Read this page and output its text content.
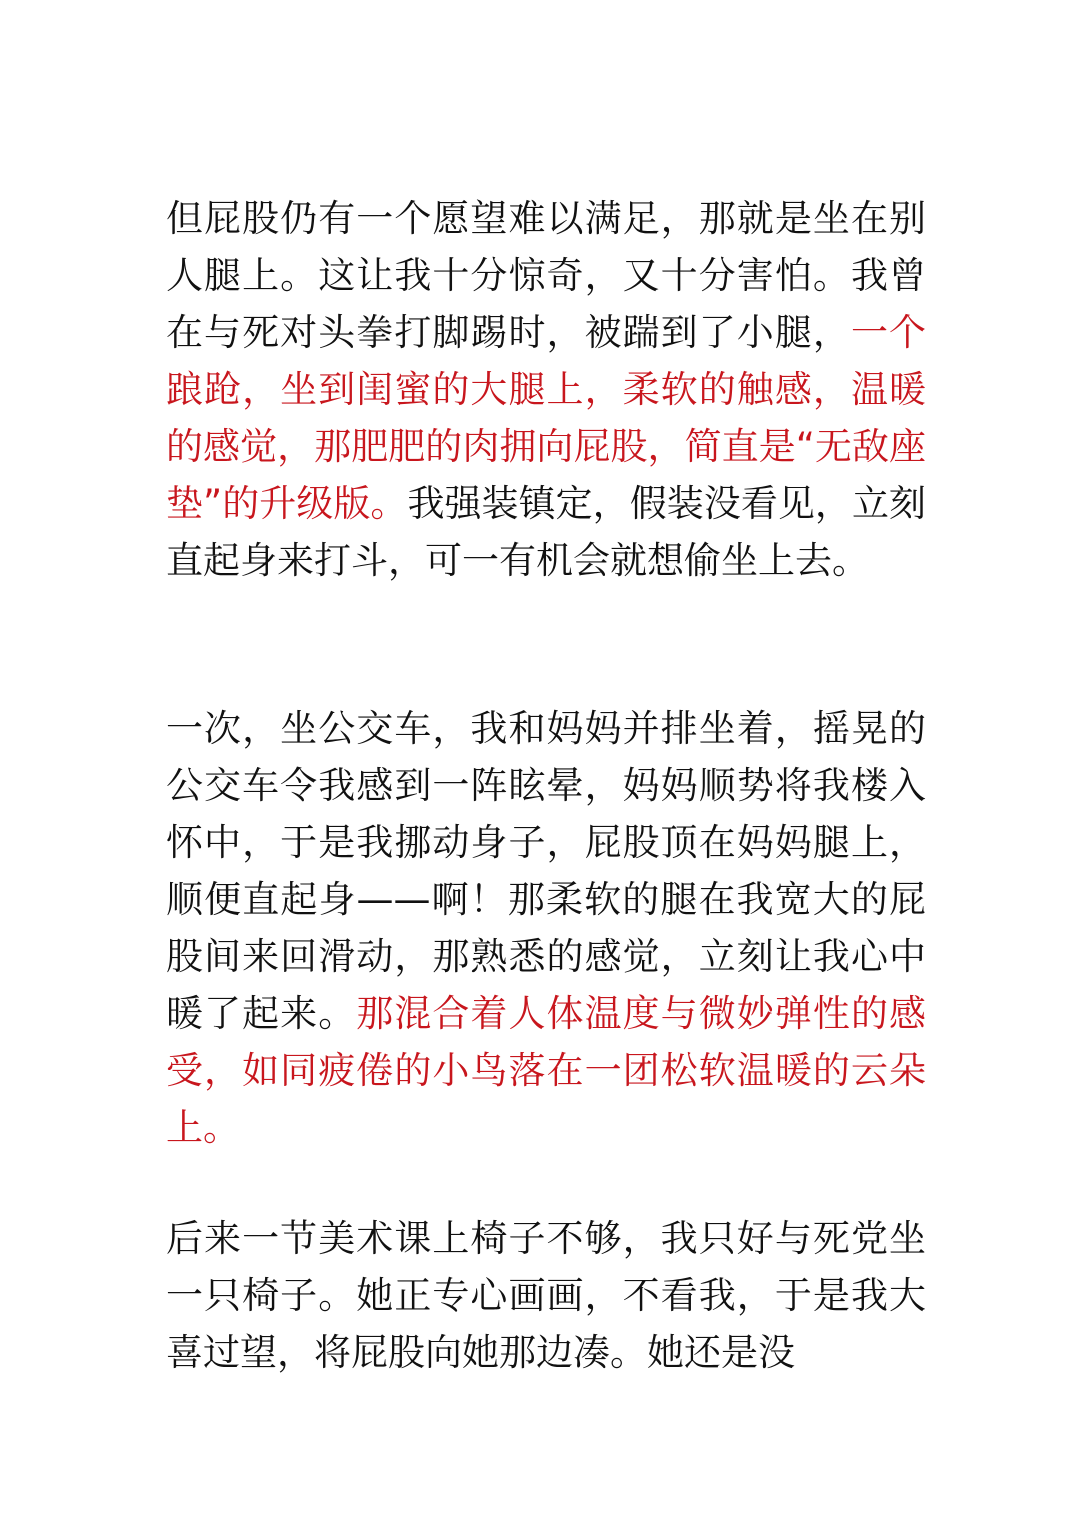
但屁股仍有一个愿望难以满足，那就是坐在别人腿上。这让我十分惊奇，又十分害怕。我曾在与死对头拳打脚踢时，被踹到了小腿，一个踉跄，坐到闺蜜的大腿上，柔软的触感，温暖的感觉，那肥肥的肉拥向屁股，简直是“无敌座垫”的升级版。我强装镇定，假装没看见，立刻直起身来打斗，可一有机会就想偷坐上去。

一次，坐公交车，我和妈妈并排坐着，摇晃的公交车令我感到一阵眩晕，妈妈顺势将我楼入怀中，于是我挪动身子，屁股顶在妈妈腿上，顺便直起身——啊！那柔软的腿在我宽大的屁股间来回滑动，那熟悉的感觉，立刻让我心中暖了起来。那混合着人体温度与微妙弹性的感受，如同疲倦的小鸟落在一团松软温暖的云朵上。

后来一节美术课上椅子不够，我只好与死党坐一只椅子。她正专心画画，不看我，于是我大喜过望，将屁股向她那边凑。她还是没
